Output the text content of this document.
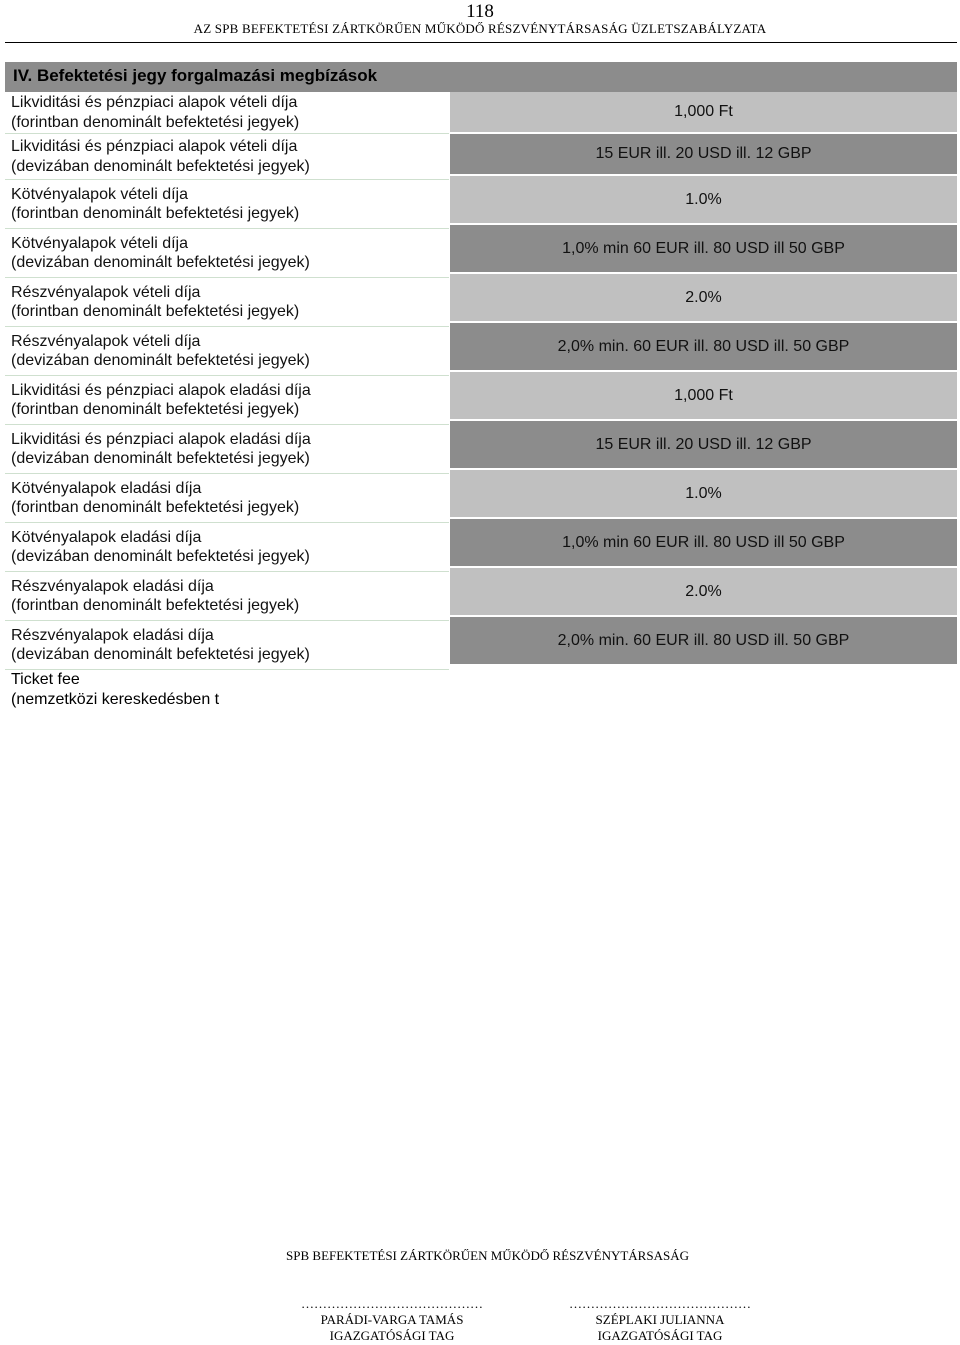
118
AZ SPB BEFEKTETÉSI ZÁRTKÖRŰEN MŰKÖDŐ RÉSZVÉNYTÁRSASÁG ÜZLETSZABÁLYZATA
IV. Befektetési jegy forgalmazási megbízások
Likviditási és pénzpiaci alapok vételi díja
(forintban denominált befektetési jegyek)
Likviditási és pénzpiaci alapok vételi díja
(devizában denominált befektetési jegyek)
Kötvényalapok vételi díja
(forintban denominált befektetési jegyek)
Kötvényalapok vételi díja
(devizában denominált befektetési jegyek)
Részvényalapok vételi díja
(forintban denominált befektetési jegyek)
Részvényalapok vételi díja
(devizában denominált befektetési jegyek)
Likviditási és pénzpiaci alapok eladási díja
(forintban denominált befektetési jegyek)
Likviditási és pénzpiaci alapok eladási díja
(devizában denominált befektetési jegyek)
Kötvényalapok eladási díja
(forintban denominált befektetési jegyek)
Kötvényalapok eladási díja
(devizában denominált befektetési jegyek)
Részvényalapok eladási díja
(forintban denominált befektetési jegyek)
Részvényalapok eladási díja
(devizában denominált befektetési jegyek)
1,000 Ft
15 EUR ill. 20 USD ill. 12 GBP
1.0%
1,0% min 60 EUR ill. 80 USD ill 50 GBP
2.0%
2,0% min. 60 EUR ill. 80 USD ill. 50 GBP
1,000 Ft
15 EUR ill. 20 USD ill. 12 GBP
1.0%
1,0% min 60 EUR ill. 80 USD ill 50 GBP
2.0%
2,0% min. 60 EUR ill. 80 USD ill. 50 GBP
Ticket fee
(nemzetközi kereskedésben t
SPB BEFEKTETÉSI ZÁRTKÖRŰEN MŰKÖDŐ RÉSZVÉNYTÁRSASÁG
……………………………………
PARÁDI-VARGA TAMÁS
IGAZGATÓSÁGI TAG
……………………………………
SZÉPLAKI JULIANNA
IGAZGATÓSÁGI TAG
